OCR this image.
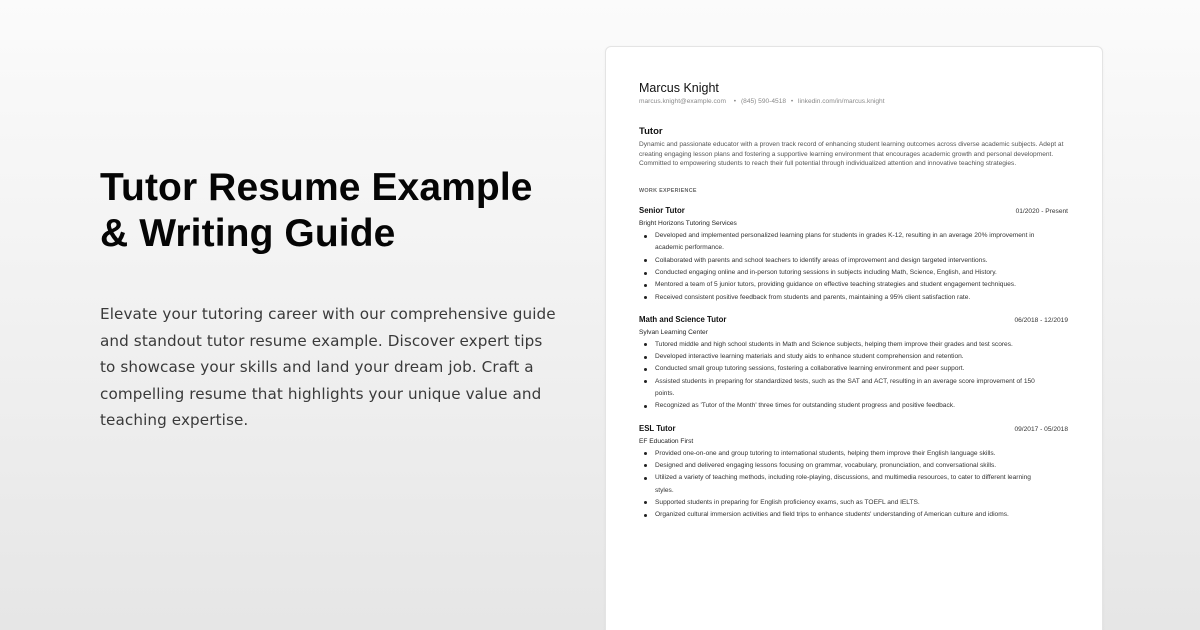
Tutor Resume Example & Writing Guide

Elevate your tutoring career with our comprehensive guide and standout tutor resume example. Discover expert tips to showcase your skills and land your dream job. Craft a compelling resume that highlights your unique value and teaching expertise.

Marcus Knight
marcus.knight@example.com • (845) 590-4518 • linkedin.com/in/marcus.knight
Tutor

Dynamic and passionate educator with a proven track record of enhancing student learning outcomes across diverse academic subjects. Adept at creating engaging lesson plans and fostering a supportive learning environment that encourages academic growth and personal development. Committed to empowering students to reach their full potential through individualized attention and innovative teaching strategies.

WORK EXPERIENCE
Senior Tutor	01/2020 - Present
Bright Horizons Tutoring Services
Developed and implemented personalized learning plans for students in grades K-12, resulting in an average 20% improvement in academic performance.
Collaborated with parents and school teachers to identify areas of improvement and design targeted interventions.
Conducted engaging online and in-person tutoring sessions in subjects including Math, Science, English, and History.
Mentored a team of 5 junior tutors, providing guidance on effective teaching strategies and student engagement techniques.
Received consistent positive feedback from students and parents, maintaining a 95% client satisfaction rate.
Math and Science Tutor	06/2018 - 12/2019
Sylvan Learning Center
Tutored middle and high school students in Math and Science subjects, helping them improve their grades and test scores.
Developed interactive learning materials and study aids to enhance student comprehension and retention.
Conducted small group tutoring sessions, fostering a collaborative learning environment and peer support.
Assisted students in preparing for standardized tests, such as the SAT and ACT, resulting in an average score improvement of 150 points.
Recognized as 'Tutor of the Month' three times for outstanding student progress and positive feedback.
ESL Tutor	09/2017 - 05/2018
EF Education First
Provided one-on-one and group tutoring to international students, helping them improve their English language skills.
Designed and delivered engaging lessons focusing on grammar, vocabulary, pronunciation, and conversational skills.
Utilized a variety of teaching methods, including role-playing, discussions, and multimedia resources, to cater to different learning styles.
Supported students in preparing for English proficiency exams, such as TOEFL and IELTS.
Organized cultural immersion activities and field trips to enhance students' understanding of American culture and idioms.
